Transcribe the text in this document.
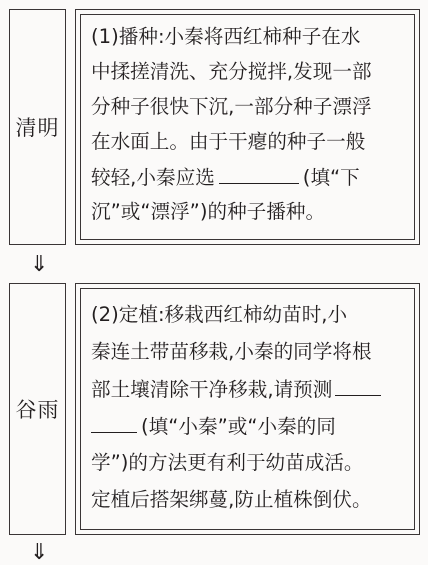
清明
(1)播种:小秦将西红柿种子在水
中揉搓清洗、充分搅拌,发现一部
分种子很快下沉,一部分种子漂浮
在水面上。由于干瘪的种子一般
较轻,小秦应选	(填“下
沉”或“漂浮”)的种子播种。
⇓
谷雨
(2)定植:移栽西红柿幼苗时,小
秦连土带苗移栽,小秦的同学将根
部土壤清除干净移栽,请预测
(填“小秦”或“小秦的同
学”)的方法更有利于幼苗成活。
定植后搭架绑蔓,防止植株倒伏。
⇓
